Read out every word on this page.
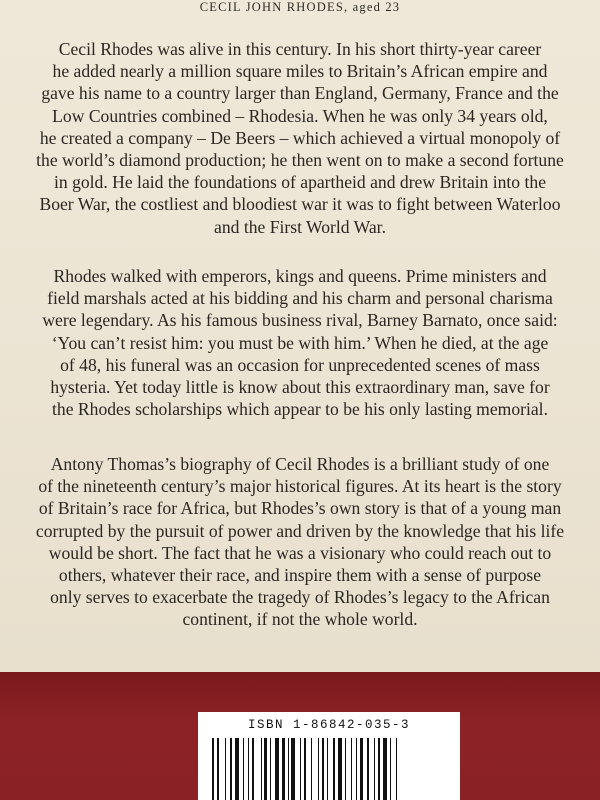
CECIL JOHN RHODES, aged 23

Cecil Rhodes was alive in this century. In his short thirty-year career
he added nearly a million square miles to Britain’s African empire and
gave his name to a country larger than England, Germany, France and the
Low Countries combined – Rhodesia. When he was only 34 years old,
he created a company – De Beers – which achieved a virtual monopoly of
the world’s diamond production; he then went on to make a second fortune
in gold. He laid the foundations of apartheid and drew Britain into the
Boer War, the costliest and bloodiest war it was to fight between Waterloo
and the First World War.

Rhodes walked with emperors, kings and queens. Prime ministers and
field marshals acted at his bidding and his charm and personal charisma
were legendary. As his famous business rival, Barney Barnato, once said:
‘You can’t resist him: you must be with him.’ When he died, at the age
of 48, his funeral was an occasion for unprecedented scenes of mass
hysteria. Yet today little is know about this extraordinary man, save for
the Rhodes scholarships which appear to be his only lasting memorial.

Antony Thomas’s biography of Cecil Rhodes is a brilliant study of one
of the nineteenth century’s major historical figures. At its heart is the story
of Britain’s race for Africa, but Rhodes’s own story is that of a young man
corrupted by the pursuit of power and driven by the knowledge that his life
would be short. The fact that he was a visionary who could reach out to
others, whatever their race, and inspire them with a sense of purpose
only serves to exacerbate the tragedy of Rhodes’s legacy to the African
continent, if not the whole world.

ISBN 1-86842-035-3
